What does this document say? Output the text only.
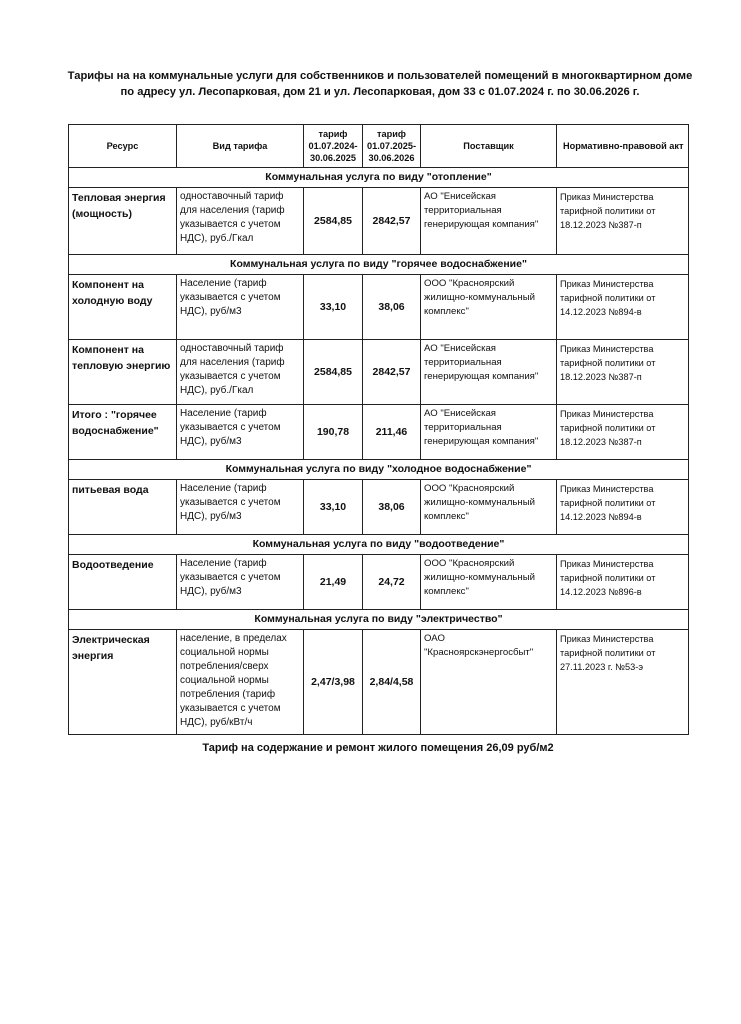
Тарифы на на коммунальные услуги для собственников и пользователей помещений в многоквартирном доме
по адресу ул. Лесопарковая, дом 21 и ул. Лесопарковая, дом 33 с 01.07.2024 г. по 30.06.2026 г.
Ресурс	Вид тарифа	тариф 01.07.2024-30.06.2025	тариф 01.07.2025-30.06.2026	Поставщик	Нормативно-правовой акт
Коммунальная услуга по виду "отопление"					
Тепловая энергия (мощность)	одноставочный тариф для населения (тариф указывается с учетом НДС), руб./Гкал	2584,85	2842,57	АО "Енисейская территориальная генерирующая компания"	Приказ Министерства тарифной политики от 18.12.2023 №387-п
Коммунальная услуга по виду "горячее водоснабжение"					
Компонент на холодную воду	Население (тариф указывается с учетом НДС), руб/м3	33,10	38,06	ООО "Красноярский жилищно-коммунальный комплекс"	Приказ Министерства тарифной политики от 14.12.2023 №894-в
Компонент на тепловую энергию	одноставочный тариф для населения (тариф указывается с учетом НДС), руб./Гкал	2584,85	2842,57	АО "Енисейская территориальная генерирующая компания"	Приказ Министерства тарифной политики от 18.12.2023 №387-п
Итого : "горячее водоснабжение"	Население (тариф указывается с учетом НДС), руб/м3	190,78	211,46	АО "Енисейская территориальная генерирующая компания"	Приказ Министерства тарифной политики от 18.12.2023 №387-п
Коммунальная услуга по виду "холодное водоснабжение"					
питьевая вода	Население (тариф указывается с учетом НДС), руб/м3	33,10	38,06	ООО "Красноярский жилищно-коммунальный комплекс"	Приказ Министерства тарифной политики от 14.12.2023 №894-в
Коммунальная услуга по виду "водоотведение"					
Водоотведение	Население (тариф указывается с учетом НДС), руб/м3	21,49	24,72	ООО "Красноярский жилищно-коммунальный комплекс"	Приказ Министерства тарифной политики от 14.12.2023 №896-в
Коммунальная услуга по виду "электричество"					
Электрическая энергия	население, в пределах социальной нормы потребления/сверх социальной нормы потребления (тариф указывается с учетом НДС), руб/кВт/ч	2,47/3,98	2,84/4,58	ОАО "Красноярскэнергосбыт"	Приказ Министерства тарифной политики от 27.11.2023 г. №53-э
Тариф на содержание и ремонт жилого помещения 26,09 руб/м2
